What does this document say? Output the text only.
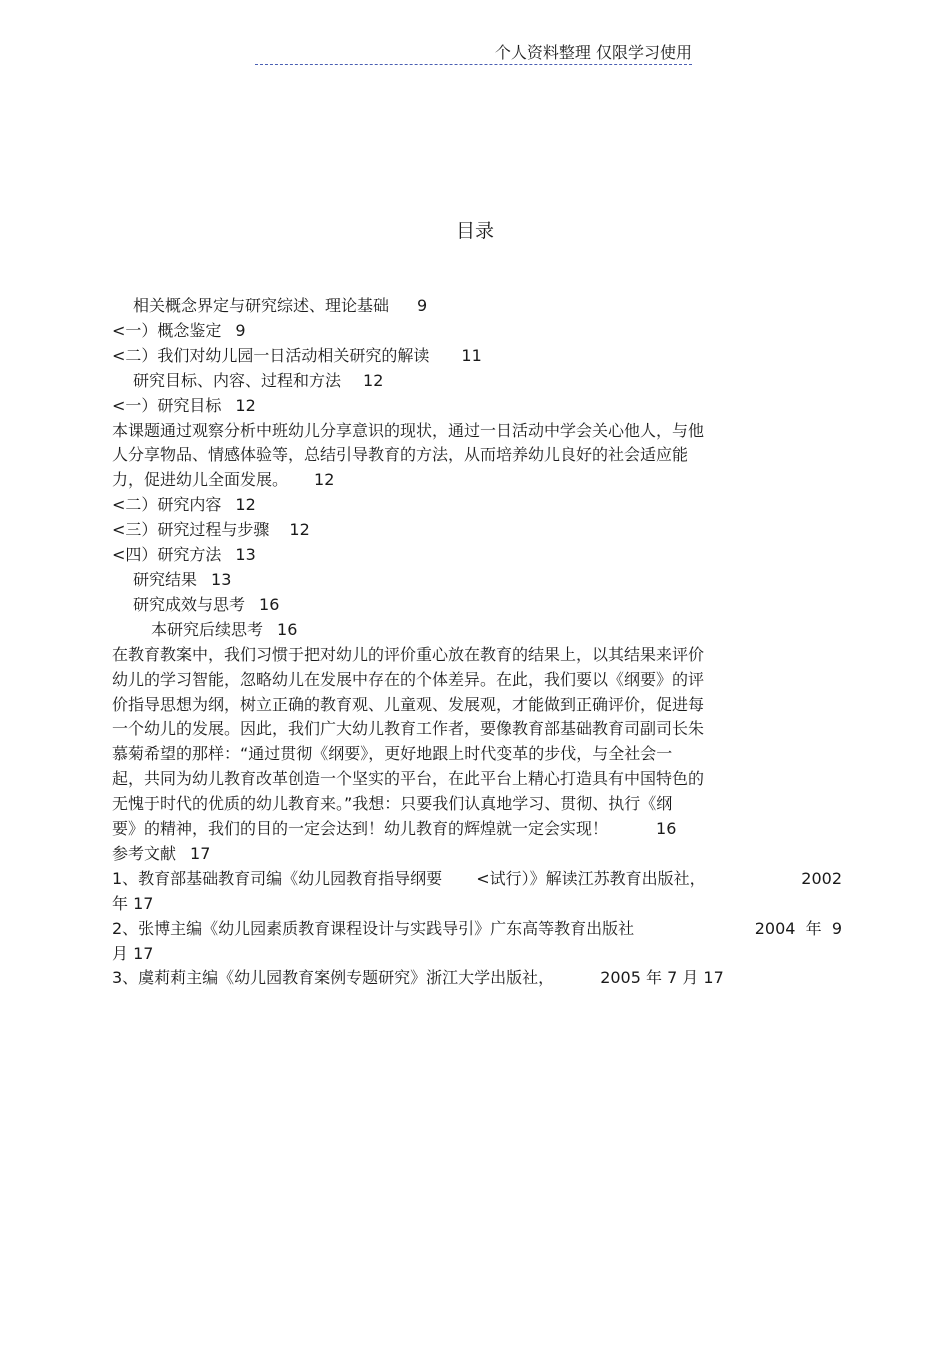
个人资料整理 仅限学习使用
目录
相关概念界定与研究综述、理论基础 9
<一）概念鉴定 9
<二）我们对幼儿园一日活动相关研究的解读 11
研究目标、内容、过程和方法 12
<一）研究目标 12
本课题通过观察分析中班幼儿分享意识的现状，通过一日活动中学会关心他人，与他
人分享物品、情感体验等，总结引导教育的方法，从而培养幼儿良好的社会适应能
力，促进幼儿全面发展。 12
<二）研究内容 12
<三）研究过程与步骤 12
<四）研究方法 13
研究结果 13
研究成效与思考 16
本研究后续思考 16
在教育教案中，我们习惯于把对幼儿的评价重心放在教育的结果上，以其结果来评价
幼儿的学习智能，忽略幼儿在发展中存在的个体差异。在此，我们要以《纲要》的评
价指导思想为纲，树立正确的教育观、儿童观、发展观，才能做到正确评价，促进每
一个幼儿的发展。因此，我们广大幼儿教育工作者，要像教育部基础教育司副司长朱
慕菊希望的那样：“通过贯彻《纲要》，更好地跟上时代变革的步伐，与全社会一
起，共同为幼儿教育改革创造一个坚实的平台，在此平台上精心打造具有中国特色的
无愧于时代的优质的幼儿教育来。”我想：只要我们认真地学习、贯彻、执行《纲
要》的精神，我们的目的一定会达到！幼儿教育的辉煌就一定会实现！	16
参考文献 17
1、教育部基础教育司编《幼儿园教育指导纲要 <试行）》解读江苏教育出版社，	2002
年 17
2、张博主编《幼儿园素质教育课程设计与实践导引》广东高等教育出版社	2004  年  9
月 17
3、虞莉莉主编《幼儿园教育案例专题研究》浙江大学出版社，	2005 年 7 月 17
